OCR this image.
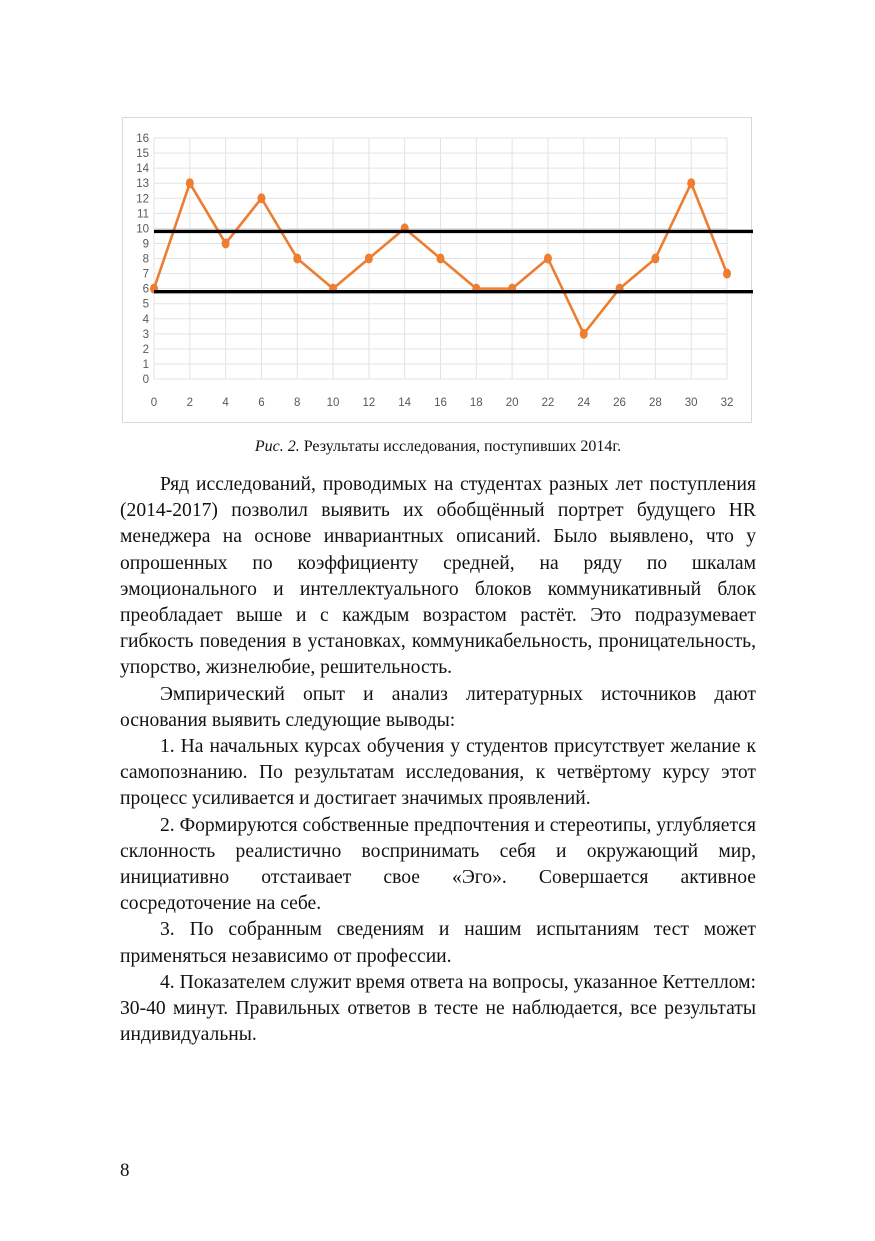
0
1
2
3
4
5
6
7
8
9
10
11
12
13
14
15
16
0	2	4	6	8 10 12 14 16 18 20 22 24 26 28 30 32
Рис. 2. Результаты исследования, поступивших 2014г.

Ряд исследований, проводимых на студентах разных лет поступления (2014-2017) позволил выявить их обобщённый портрет будущего HR менеджера на основе инвариантных описаний. Было выявлено, что у опрошенных по коэффициенту средней, на ряду по шкалам эмоционального и интеллектуального блоков коммуникативный блок преобладает выше и с каждым возрастом растёт. Это подразумевает гибкость поведения в установках, коммуникабельность, проницательность, упорство, жизнелюбие, решительность.

Эмпирический опыт и анализ литературных источников дают основания выявить следующие выводы:

1. На начальных курсах обучения у студентов присутствует желание к самопознанию. По результатам исследования, к четвёртому курсу этот процесс усиливается и достигает значимых проявлений.

2. Формируются собственные предпочтения и стереотипы, углубляется склонность реалистично воспринимать себя и окружающий мир, инициативно отстаивает свое «Эго». Совершается активное сосредоточение на себе.

3. По собранным сведениям и нашим испытаниям тест может применяться независимо от профессии.

4. Показателем служит время ответа на вопросы, указанное Кеттеллом: 30-40 минут. Правильных ответов в тесте не наблюдается, все результаты индивидуальны.

8
